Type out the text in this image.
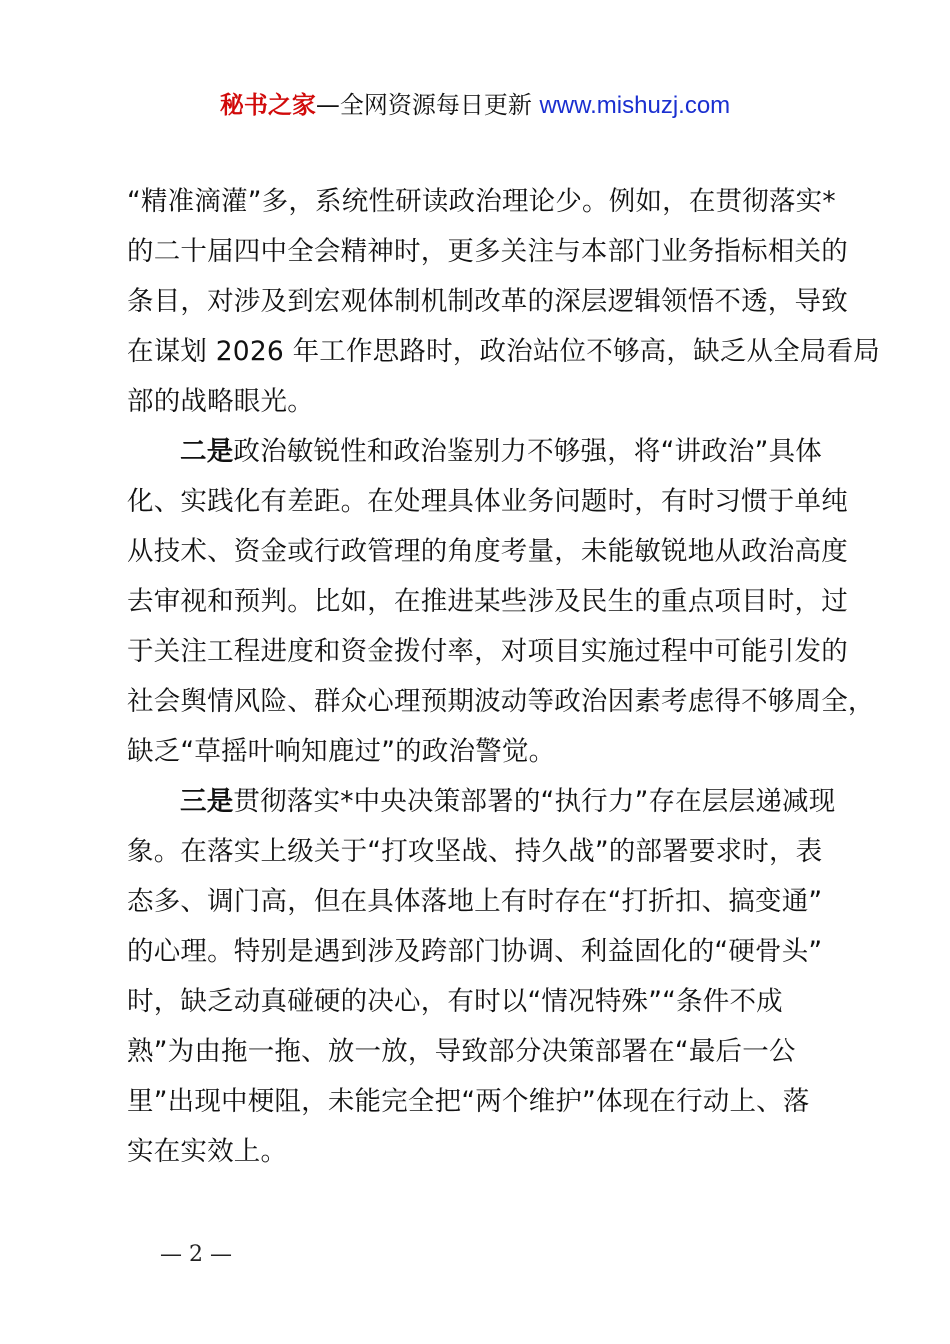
秘书之家—全网资源每日更新 www.mishuzj.com

“精准滴灌”多，系统性研读政治理论少。例如，在贯彻落实*
的二十届四中全会精神时，更多关注与本部门业务指标相关的
条目，对涉及到宏观体制机制改革的深层逻辑领悟不透，导致
在谋划 2026 年工作思路时，政治站位不够高，缺乏从全局看局
部的战略眼光。

二是政治敏锐性和政治鉴别力不够强，将“讲政治”具体
化、实践化有差距。在处理具体业务问题时，有时习惯于单纯
从技术、资金或行政管理的角度考量，未能敏锐地从政治高度
去审视和预判。比如，在推进某些涉及民生的重点项目时，过
于关注工程进度和资金拨付率，对项目实施过程中可能引发的
社会舆情风险、群众心理预期波动等政治因素考虑得不够周全，
缺乏“草摇叶响知鹿过”的政治警觉。

三是贯彻落实*中央决策部署的“执行力”存在层层递减现
象。在落实上级关于“打攻坚战、持久战”的部署要求时，表
态多、调门高，但在具体落地上有时存在“打折扣、搞变通”
的心理。特别是遇到涉及跨部门协调、利益固化的“硬骨头”
时，缺乏动真碰硬的决心，有时以“情况特殊”“条件不成
熟”为由拖一拖、放一放，导致部分决策部署在“最后一公
里”出现中梗阻，未能完全把“两个维护”体现在行动上、落
实在实效上。

— 2 —
